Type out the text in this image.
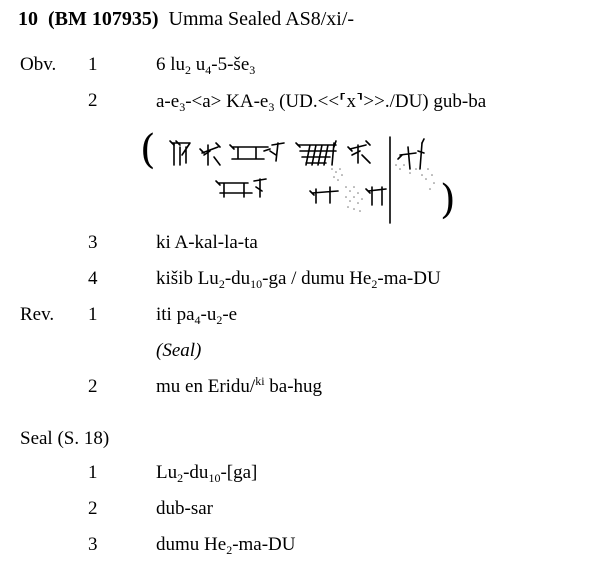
10 (BM 107935) Umma Sealed AS8/xi/-
Obv. 1	6 $lu_2$ $u_4-5-še_3$
2	$a-e_3-<a> KA-e_3$ (UD.<<⸢x⸣>>./DU) gub-ba
(
)
3	ki A-kal-la-ta
4	kišib $Lu_2-du_{10}-ga$ / dumu $He_2-ma-DU$
Rev. 1	iti $pa_4-u_2-e$
(Seal)
2	mu en Eridu/$^{ki}$ ba-hug
Seal (S. 18)
1	$Lu_2-du_{10}-[ga]$
2	dub-sar
3	dumu $He_2-ma-DU$
